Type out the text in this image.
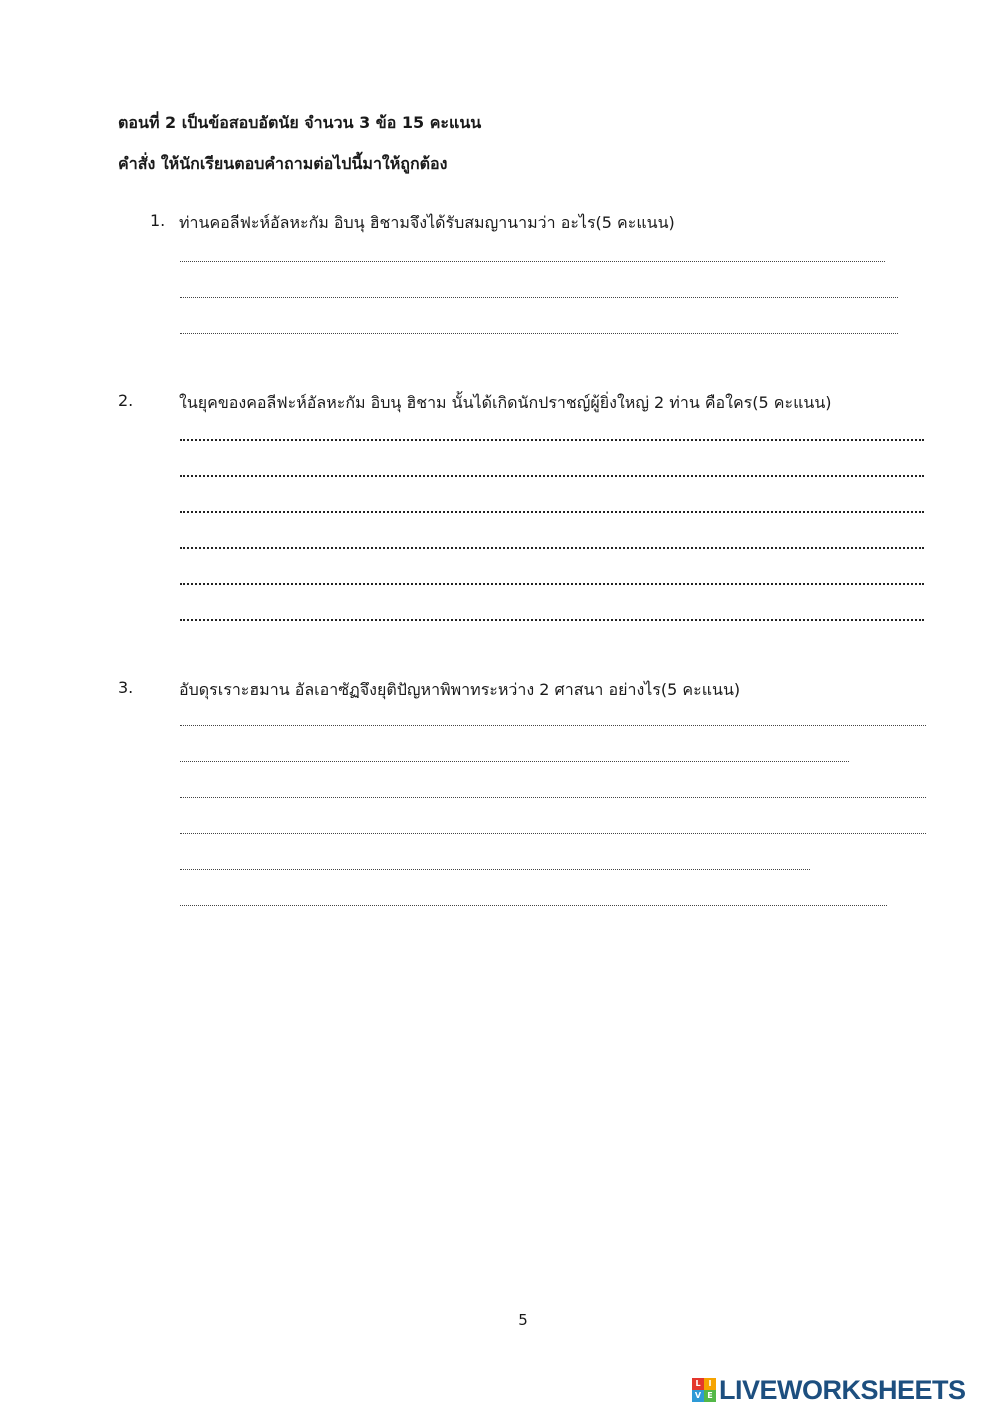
ตอนที่ 2 เป็นข้อสอบอัตนัย จำนวน 3 ข้อ 15 คะแนน
คำสั่ง ให้นักเรียนตอบคำถามต่อไปนี้มาให้ถูกต้อง
1. ท่านคอลีฟะห์อัลหะกัม อิบนุ ฮิชามจึงได้รับสมญานามว่า อะไร(5 คะแนน)
2.	ในยุคของคอลีฟะห์อัลหะกัม อิบนุ ฮิชาม นั้นได้เกิดนักปราชญ์ผู้ยิ่งใหญ่ 2 ท่าน คือใคร(5 คะแนน)
3.	อับดุรเราะฮมาน อัลเอาซัฏจึงยุติปัญหาพิพาทระหว่าง 2 ศาสนา อย่างไร(5 คะแนน)
5
L I
V E LIVEWORKSHEETS
